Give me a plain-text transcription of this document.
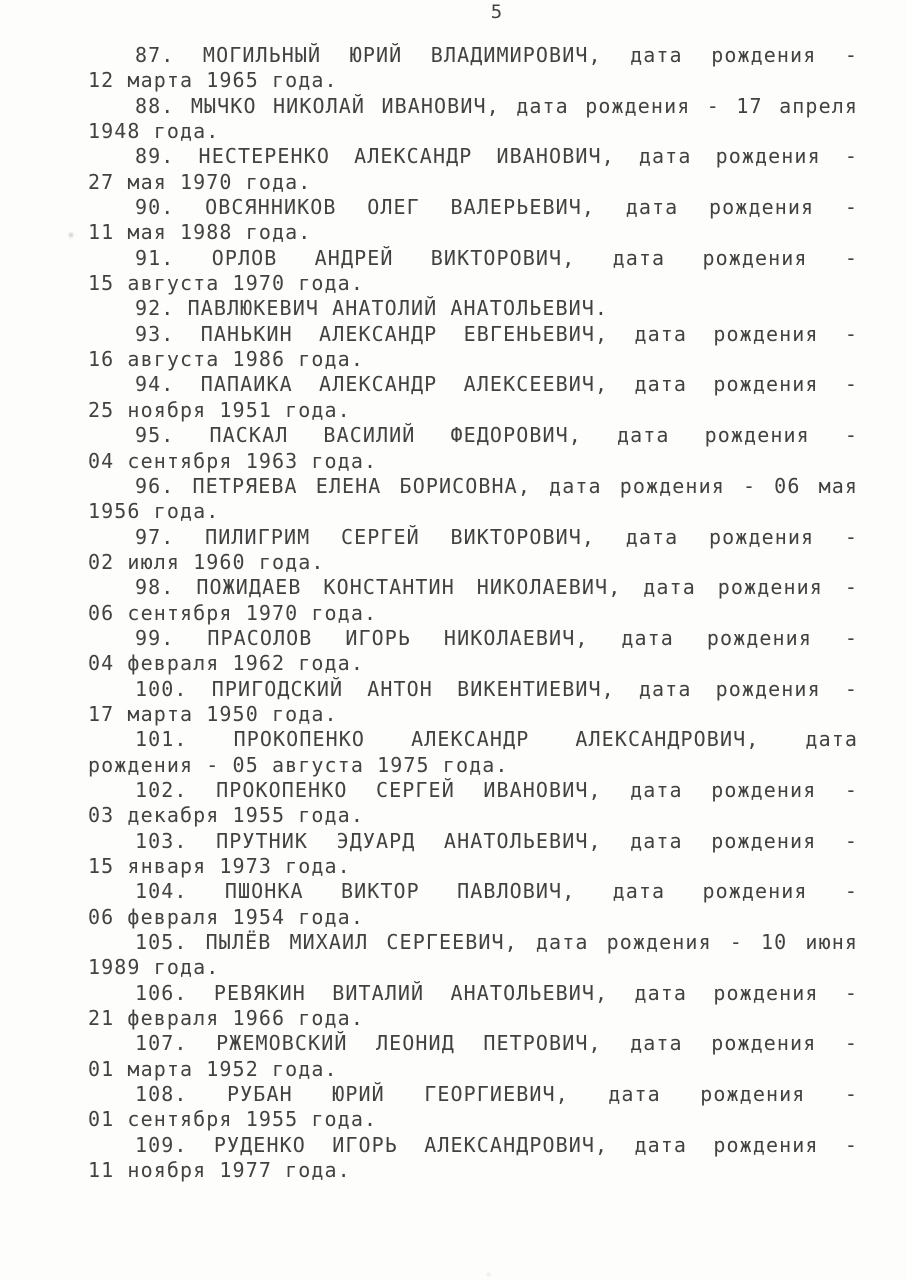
5
87. МОГИЛЬНЫЙ ЮРИЙ ВЛАДИМИРОВИЧ, дата рождения -
12 марта 1965 года.
88. МЫЧКО НИКОЛАЙ ИВАНОВИЧ, дата рождения - 17 апреля
1948 года.
89. НЕСТЕРЕНКО АЛЕКСАНДР ИВАНОВИЧ, дата рождения -
27 мая 1970 года.
90. ОВСЯННИКОВ ОЛЕГ ВАЛЕРЬЕВИЧ, дата рождения -
11 мая 1988 года.
91. ОРЛОВ АНДРЕЙ ВИКТОРОВИЧ, дата рождения -
15 августа 1970 года.
92. ПАВЛЮКЕВИЧ АНАТОЛИЙ АНАТОЛЬЕВИЧ.
93. ПАНЬКИН АЛЕКСАНДР ЕВГЕНЬЕВИЧ, дата рождения -
16 августа 1986 года.
94. ПАПАИКА АЛЕКСАНДР АЛЕКСЕЕВИЧ, дата рождения -
25 ноября 1951 года.
95. ПАСКАЛ ВАСИЛИЙ ФЕДОРОВИЧ, дата рождения -
04 сентября 1963 года.
96. ПЕТРЯЕВА ЕЛЕНА БОРИСОВНА, дата рождения - 06 мая
1956 года.
97. ПИЛИГРИМ СЕРГЕЙ ВИКТОРОВИЧ, дата рождения -
02 июля 1960 года.
98. ПОЖИДАЕВ КОНСТАНТИН НИКОЛАЕВИЧ, дата рождения -
06 сентября 1970 года.
99. ПРАСОЛОВ ИГОРЬ НИКОЛАЕВИЧ, дата рождения -
04 февраля 1962 года.
100. ПРИГОДСКИЙ АНТОН ВИКЕНТИЕВИЧ, дата рождения -
17 марта 1950 года.
101. ПРОКОПЕНКО АЛЕКСАНДР АЛЕКСАНДРОВИЧ, дата
рождения - 05 августа 1975 года.
102. ПРОКОПЕНКО СЕРГЕЙ ИВАНОВИЧ, дата рождения -
03 декабря 1955 года.
103. ПРУТНИК ЭДУАРД АНАТОЛЬЕВИЧ, дата рождения -
15 января 1973 года.
104. ПШОНКА ВИКТОР ПАВЛОВИЧ, дата рождения -
06 февраля 1954 года.
105. ПЫЛЁВ МИХАИЛ СЕРГЕЕВИЧ, дата рождения - 10 июня
1989 года.
106. РЕВЯКИН ВИТАЛИЙ АНАТОЛЬЕВИЧ, дата рождения -
21 февраля 1966 года.
107. РЖЕМОВСКИЙ ЛЕОНИД ПЕТРОВИЧ, дата рождения -
01 марта 1952 года.
108. РУБАН ЮРИЙ ГЕОРГИЕВИЧ, дата рождения -
01 сентября 1955 года.
109. РУДЕНКО ИГОРЬ АЛЕКСАНДРОВИЧ, дата рождения -
11 ноября 1977 года.
